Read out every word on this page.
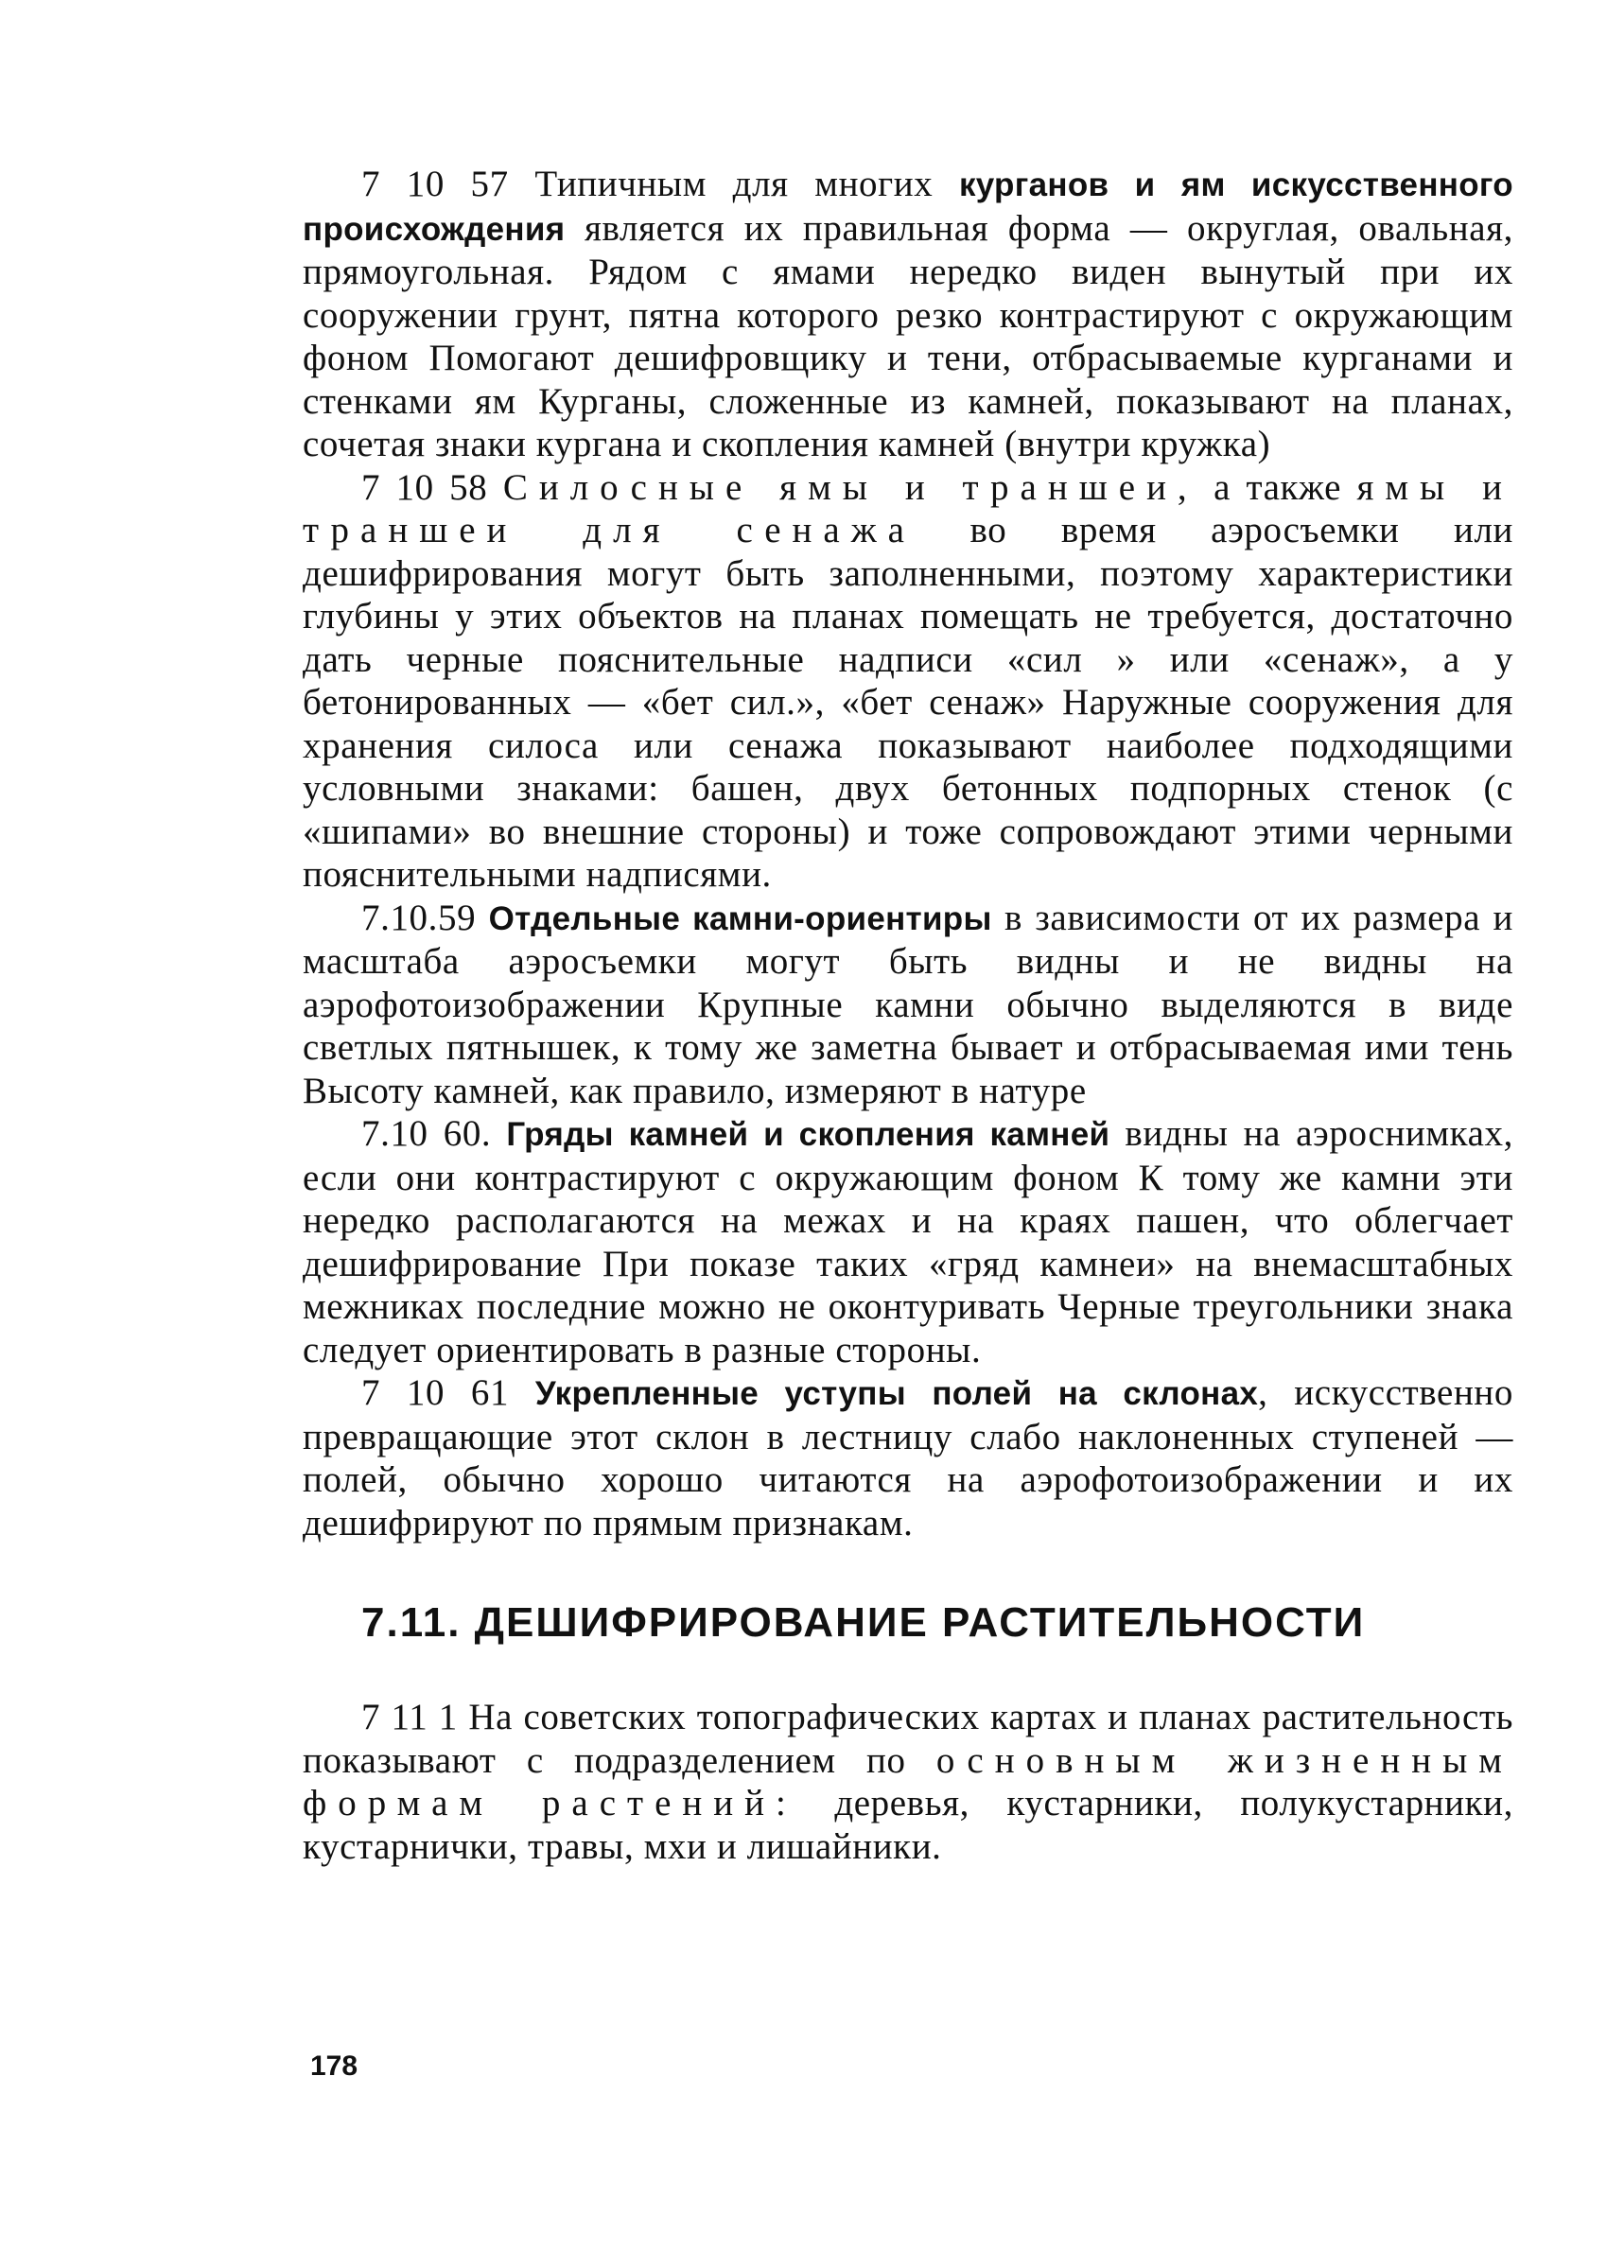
7 10 57 Типичным для многих курганов и ям искусственного происхождения является их правильная форма — округлая, овальная, прямоугольная. Рядом с ямами нередко виден вынутый при их сооружении грунт, пятна которого резко контрастируют с окружающим фоном Помогают дешифровщику и тени, отбрасываемые курганами и стенками ям Курганы, сложенные из камней, показывают на планах, сочетая знаки кургана и скопления камней (внутри кружка)

7 10 58 Силосные ямы и траншеи, а также ямы и траншеи для сенажа во время аэросъемки или дешифрирования могут быть заполненными, поэтому характеристики глубины у этих объектов на планах помещать не требуется, достаточно дать черные пояснительные надписи «сил » или «сенаж», а у бетонированных — «бет сил.», «бет сенаж» Наружные сооружения для хранения силоса или сенажа показывают наиболее подходящими условными знаками: башен, двух бетонных подпорных стенок (с «шипами» во внешние стороны) и тоже сопровождают этими черными пояснительными надписями.

7.10.59 Отдельные камни-ориентиры в зависимости от их размера и масштаба аэросъемки могут быть видны и не видны на аэрофотоизображении Крупные камни обычно выделяются в виде светлых пятнышек, к тому же заметна бывает и отбрасываемая ими тень Высоту камней, как правило, измеряют в натуре

7.10 60. Гряды камней и скопления камней видны на аэроснимках, если они контрастируют с окружающим фоном К тому же камни эти нередко располагаются на межах и на краях пашен, что облегчает дешифрирование При показе таких «гряд камнеи» на внемасштабных межниках последние можно не оконтуривать Черные треугольники знака следует ориентировать в разные стороны.

7 10 61 Укрепленные уступы полей на склонах, искусственно превращающие этот склон в лестницу слабо наклоненных ступеней — полей, обычно хорошо читаются на аэрофотоизображении и их дешифрируют по прямым признакам.

7.11. ДЕШИФРИРОВАНИЕ РАСТИТЕЛЬНОСТИ

7 11 1 На советских топографических картах и планах растительность показывают с подразделением по основным жизненным формам растений: деревья, кустарники, полукустарники, кустарнички, травы, мхи и лишайники.

178
